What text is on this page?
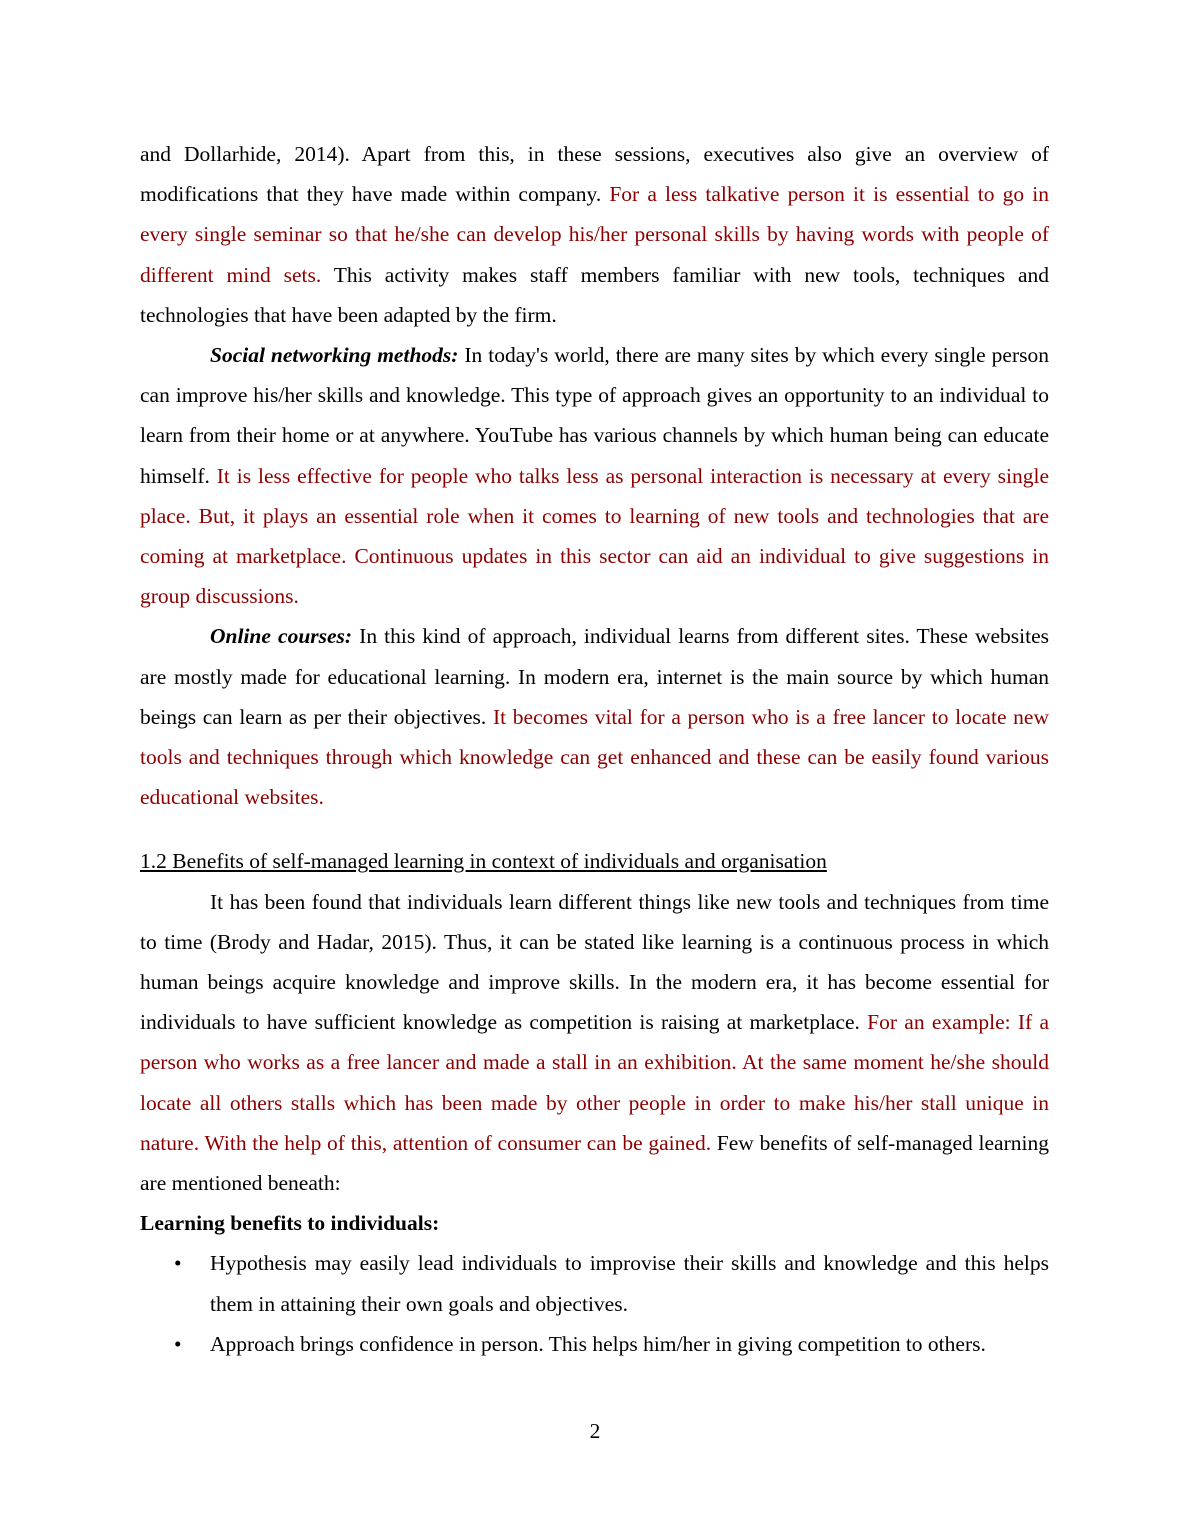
and Dollarhide, 2014). Apart from this, in these sessions, executives also give an overview of modifications that they have made within company. For a less talkative person it is essential to go in every single seminar so that he/she can develop his/her personal skills by having words with people of different mind sets. This activity makes staff members familiar with new tools, techniques and technologies that have been adapted by the firm.

Social networking methods: In today's world, there are many sites by which every single person can improve his/her skills and knowledge. This type of approach gives an opportunity to an individual to learn from their home or at anywhere. YouTube has various channels by which human being can educate himself. It is less effective for people who talks less as personal interaction is necessary at every single place. But, it plays an essential role when it comes to learning of new tools and technologies that are coming at marketplace. Continuous updates in this sector can aid an individual to give suggestions in group discussions.

Online courses: In this kind of approach, individual learns from different sites. These websites are mostly made for educational learning. In modern era, internet is the main source by which human beings can learn as per their objectives. It becomes vital for a person who is a free lancer to locate new tools and techniques through which knowledge can get enhanced and these can be easily found various educational websites.

1.2 Benefits of self-managed learning in context of individuals and organisation

It has been found that individuals learn different things like new tools and techniques from time to time (Brody and Hadar, 2015). Thus, it can be stated like learning is a continuous process in which human beings acquire knowledge and improve skills. In the modern era, it has become essential for individuals to have sufficient knowledge as competition is raising at marketplace. For an example: If a person who works as a free lancer and made a stall in an exhibition. At the same moment he/she should locate all others stalls which has been made by other people in order to make his/her stall unique in nature. With the help of this, attention of consumer can be gained. Few benefits of self-managed learning are mentioned beneath:

Learning benefits to individuals:

• Hypothesis may easily lead individuals to improvise their skills and knowledge and this helps them in attaining their own goals and objectives.
• Approach brings confidence in person. This helps him/her in giving competition to others.
2
